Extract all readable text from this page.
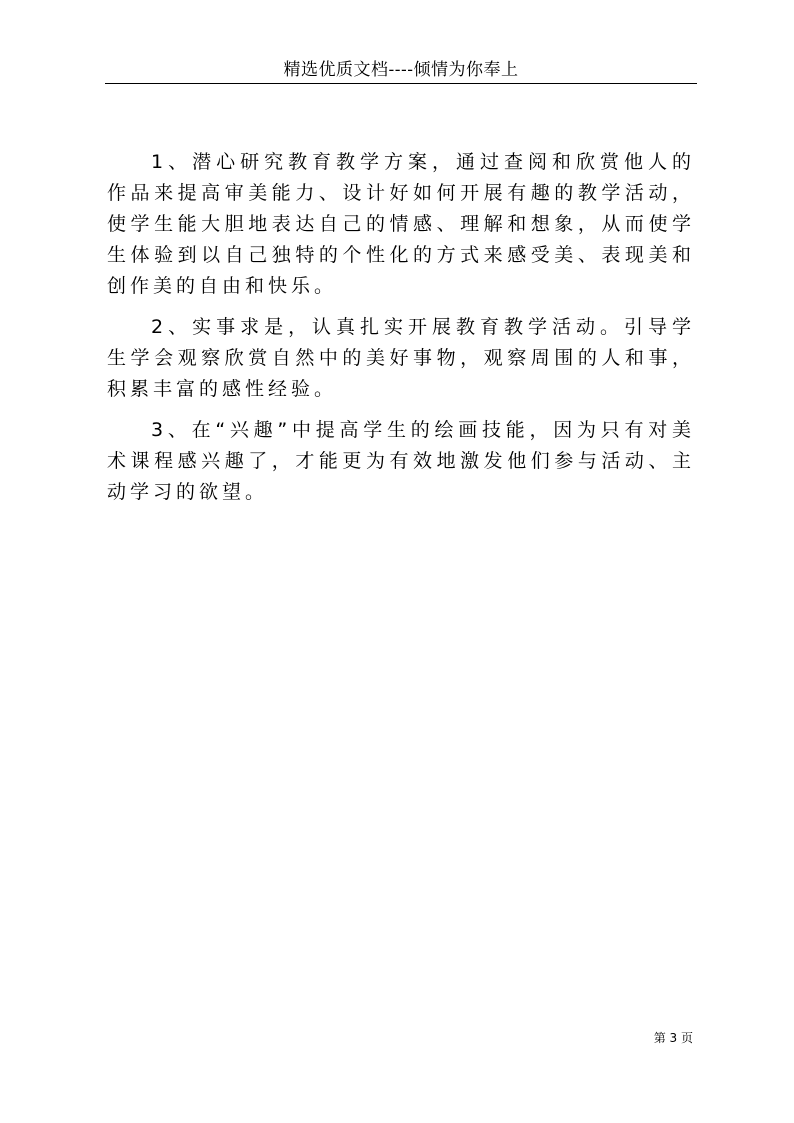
精选优质文档----倾情为你奉上

1、潜心研究教育教学方案，通过查阅和欣赏他人的作品来提高审美能力、设计好如何开展有趣的教学活动，使学生能大胆地表达自己的情感、理解和想象，从而使学生体验到以自己独特的个性化的方式来感受美、表现美和创作美的自由和快乐。

2、实事求是，认真扎实开展教育教学活动。引导学生学会观察欣赏自然中的美好事物，观察周围的人和事，积累丰富的感性经验。

3、在“兴趣”中提高学生的绘画技能，因为只有对美术课程感兴趣了，才能更为有效地激发他们参与活动、主动学习的欲望。

第 3 页
